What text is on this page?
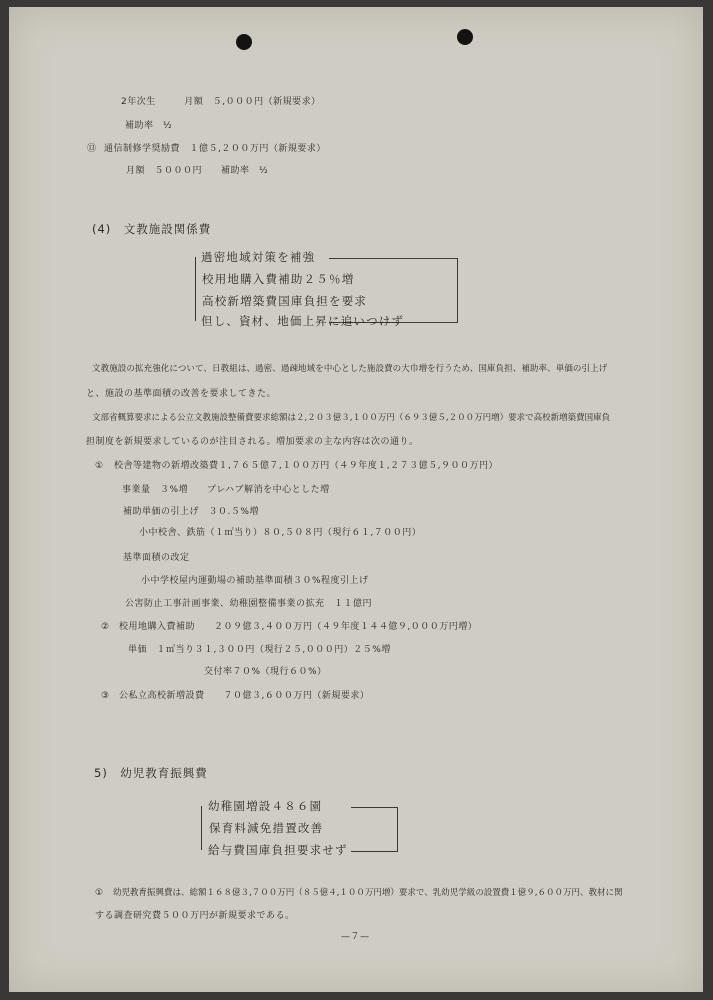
2年次生　　　月額　５,０００円（新規要求）
補助率　½
⑬ 通信制修学奨励費　１億５,２００万円（新規要求）
月額　５０００円　　補助率　½
(4)　文教施設関係費
過密地域対策を補強
校用地購入費補助２５％増
高校新増築費国庫負担を要求
但し、資材、地価上昇に追いつけず
文教施設の拡充強化について、日教組は、過密、過疎地域を中心とした施設費の大巾増を行うため、国庫負担、補助率、単価の引上げ
と、施設の基準面積の改善を要求してきた。
文部省概算要求による公立文教施設整備費要求総額は２,２０３億３,１００万円（６９３億５,２００万円増）要求で高校新増築費国庫負
担制度を新規要求しているのが注目される。増加要求の主な内容は次の通り。
① 校舎等建物の新増改築費１,７６５億７,１００万円（４９年度１,２７３億５,９００万円）
事業量　３%増　　プレハブ解消を中心とした増
補助単価の引上げ　３０.５%増
小中校舎、鉄筋（１㎡当り）８０,５０８円（現行６１,７００円）
基準面積の改定
小中学校屋内運動場の補助基準面積３０%程度引上げ
公害防止工事計画事業、幼稚園整備事業の拡充　１１億円
② 校用地購入費補助　　２０９億３,４００万円（４９年度１４４億９,０００万円増）
単価　１㎡当り３１,３００円（現行２５,０００円）２５%増
交付率７０%（現行６０%）
③ 公私立高校新増設費　　７０億３,６００万円（新規要求）
5)　幼児教育振興費
幼稚園増設４８６園
保育料減免措置改善
給与費国庫負担要求せず
① 幼児教育振興費は、総額１６８億３,７００万円（８５億４,１００万円増）要求で、乳幼児学級の設置費１億９,６００万円、教材に関
する調査研究費５００万円が新規要求である。
—７—
